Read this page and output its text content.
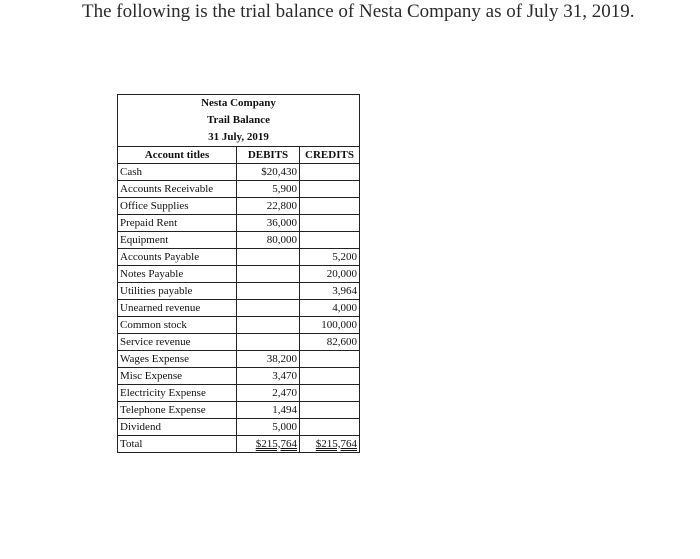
The following is the trial balance of Nesta Company as of July 31, 2019.

Nesta Company		
Trail Balance		
31 July, 2019		
Account titles	DEBITS	CREDITS
Cash	$20,430	
Accounts Receivable	5,900	
Office Supplies	22,800	
Prepaid Rent	36,000	
Equipment	80,000	
Accounts Payable		5,200
Notes Payable		20,000
Utilities payable		3,964
Unearned revenue		4,000
Common stock		100,000
Service revenue		82,600
Wages Expense	38,200	
Misc Expense	3,470	
Electricity Expense	2,470	
Telephone Expense	1,494	
Dividend	5,000	
Total	$215,764	$215,764
